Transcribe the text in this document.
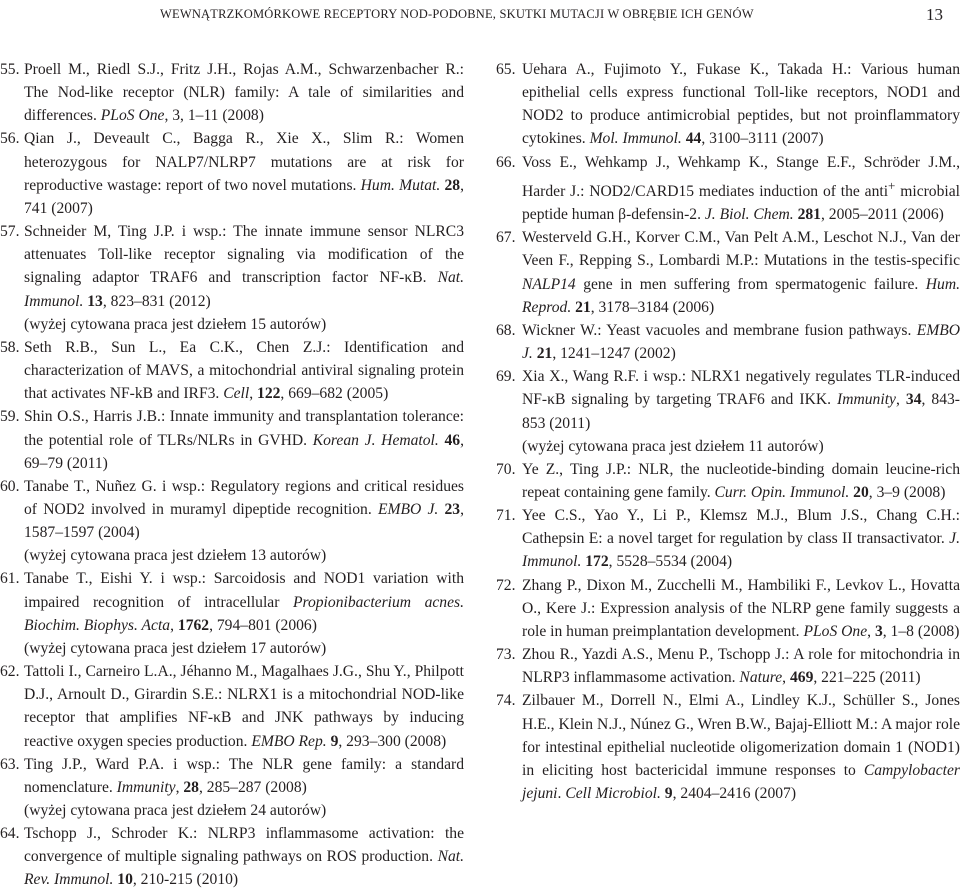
WEWNĄTRZKOMÓRKOWE RECEPTORY NOD-PODOBNE, SKUTKI MUTACJI W OBRĘBIE ICH GENÓW	13

55. Proell M., Riedl S.J., Fritz J.H., Rojas A.M., Schwarzenbacher R.: The Nod-like receptor (NLR) family: A tale of similarities and differences. PLoS One, 3, 1–11 (2008)

56. Qian J., Deveault C., Bagga R., Xie X., Slim R.: Women heterozygous for NALP7/NLRP7 mutations are at risk for reproductive wastage: report of two novel mutations. Hum. Mutat. 28, 741 (2007)

57. Schneider M, Ting J.P. i wsp.: The innate immune sensor NLRC3 attenuates Toll-like receptor signaling via modification of the signaling adaptor TRAF6 and transcription factor NF-κB. Nat. Immunol. 13, 823–831 (2012)
(wyżej cytowana praca jest dziełem 15 autorów)

58. Seth R.B., Sun L., Ea C.K., Chen Z.J.: Identification and characterization of MAVS, a mitochondrial antiviral signaling protein that activates NF-kB and IRF3. Cell, 122, 669–682 (2005)

59. Shin O.S., Harris J.B.: Innate immunity and transplantation tolerance: the potential role of TLRs/NLRs in GVHD. Korean J. Hematol. 46, 69–79 (2011)

60. Tanabe T., Nuñez G. i wsp.: Regulatory regions and critical residues of NOD2 involved in muramyl dipeptide recognition. EMBO J. 23, 1587–1597 (2004)
(wyżej cytowana praca jest dziełem 13 autorów)

61. Tanabe T., Eishi Y. i wsp.: Sarcoidosis and NOD1 variation with impaired recognition of intracellular Propionibacterium acnes. Biochim. Biophys. Acta, 1762, 794–801 (2006)
(wyżej cytowana praca jest dziełem 17 autorów)

62. Tattoli I., Carneiro L.A., Jéhanno M., Magalhaes J.G., Shu Y., Philpott D.J., Arnoult D., Girardin S.E.: NLRX1 is a mitochondrial NOD-like receptor that amplifies NF-κB and JNK pathways by inducing reactive oxygen species production. EMBO Rep. 9, 293–300 (2008)

63. Ting J.P., Ward P.A. i wsp.: The NLR gene family: a standard nomenclature. Immunity, 28, 285–287 (2008)
(wyżej cytowana praca jest dziełem 24 autorów)

64. Tschopp J., Schroder K.: NLRP3 inflammasome activation: the convergence of multiple signaling pathways on ROS production. Nat. Rev. Immunol. 10, 210-215 (2010)

65. Uehara A., Fujimoto Y., Fukase K., Takada H.: Various human epithelial cells express functional Toll-like receptors, NOD1 and NOD2 to produce antimicrobial peptides, but not proinflammatory cytokines. Mol. Immunol. 44, 3100–3111 (2007)

66. Voss E., Wehkamp J., Wehkamp K., Stange E.F., Schröder J.M., Harder J.: NOD2/CARD15 mediates induction of the anti+ microbial peptide human β-defensin-2. J. Biol. Chem. 281, 2005–2011 (2006)

67. Westerveld G.H., Korver C.M., Van Pelt A.M., Leschot N.J., Van der Veen F., Repping S., Lombardi M.P.: Mutations in the testis-specific NALP14 gene in men suffering from spermatogenic failure. Hum. Reprod. 21, 3178–3184 (2006)

68. Wickner W.: Yeast vacuoles and membrane fusion pathways. EMBO J. 21, 1241–1247 (2002)

69. Xia X., Wang R.F. i wsp.: NLRX1 negatively regulates TLR-induced NF-κB signaling by targeting TRAF6 and IKK. Immunity, 34, 843-853 (2011)
(wyżej cytowana praca jest dziełem 11 autorów)

70. Ye Z., Ting J.P.: NLR, the nucleotide-binding domain leucine-rich repeat containing gene family. Curr. Opin. Immunol. 20, 3–9 (2008)

71. Yee C.S., Yao Y., Li P., Klemsz M.J., Blum J.S., Chang C.H.: Cathepsin E: a novel target for regulation by class II transactivator. J. Immunol. 172, 5528–5534 (2004)

72. Zhang P., Dixon M., Zucchelli M., Hambiliki F., Levkov L., Hovatta O., Kere J.: Expression analysis of the NLRP gene family suggests a role in human preimplantation development. PLoS One, 3, 1–8 (2008)

73. Zhou R., Yazdi A.S., Menu P., Tschopp J.: A role for mitochondria in NLRP3 inflammasome activation. Nature, 469, 221–225 (2011)

74. Zilbauer M., Dorrell N., Elmi A., Lindley K.J., Schüller S., Jones H.E., Klein N.J., Núnez G., Wren B.W., Bajaj-Elliott M.: A major role for intestinal epithelial nucleotide oligomerization domain 1 (NOD1) in eliciting host bactericidal immune responses to Campylobacter jejuni. Cell Microbiol. 9, 2404–2416 (2007)
